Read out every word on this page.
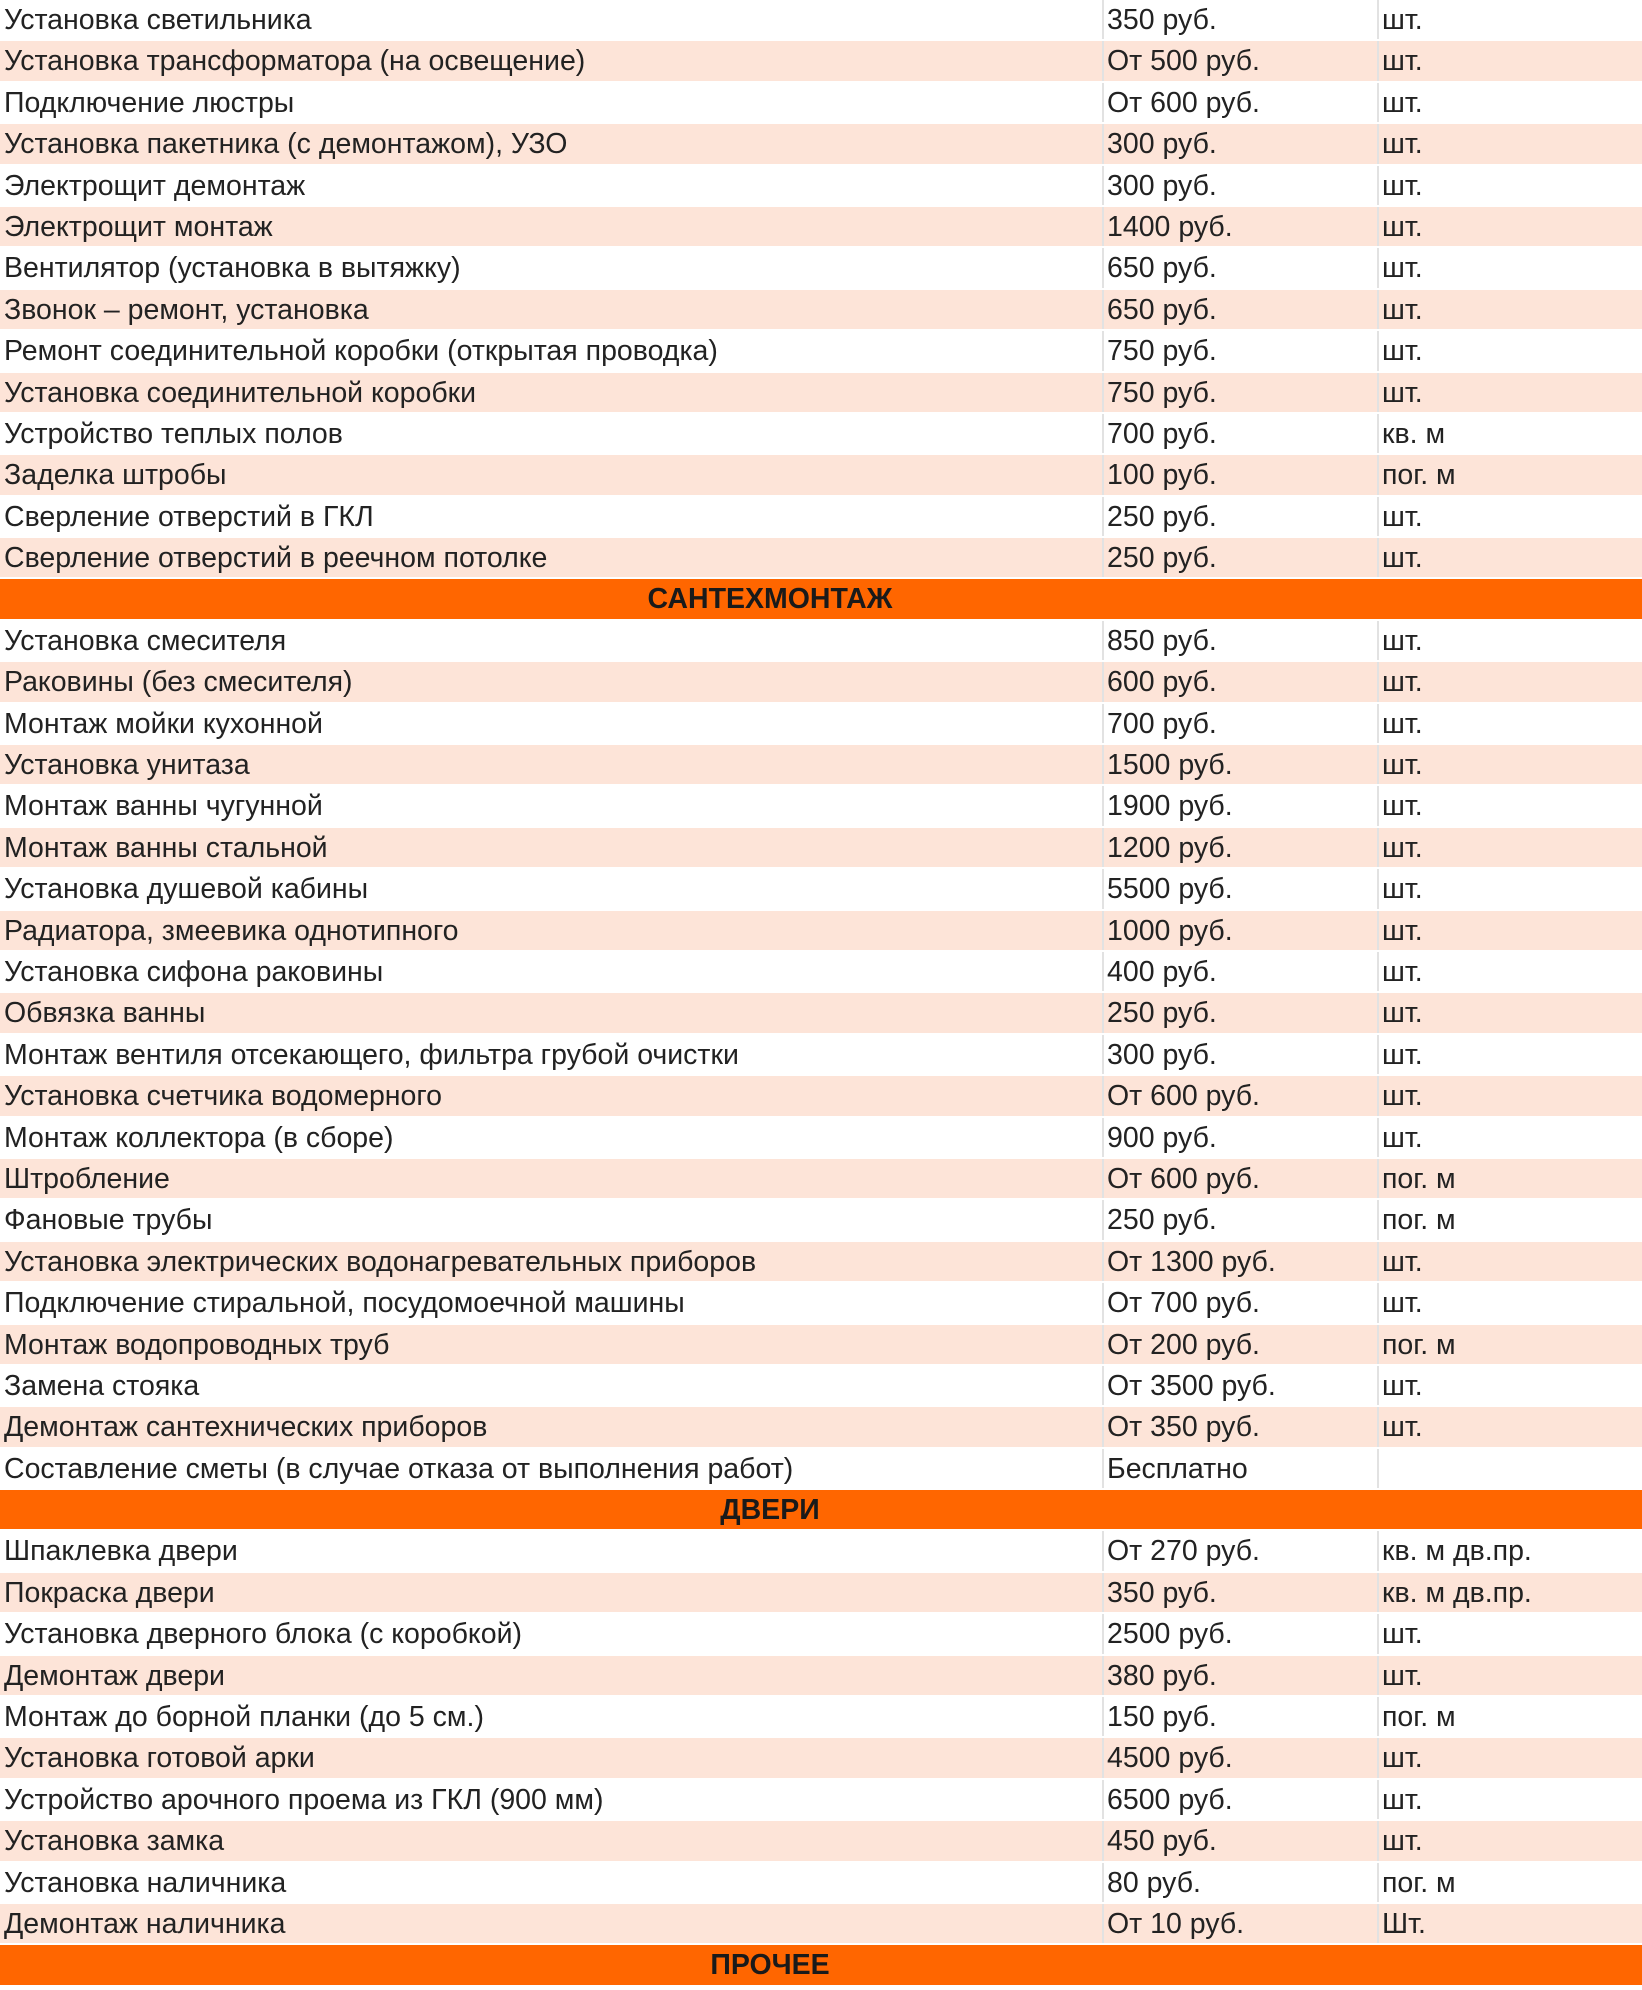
Установка светильника	350 руб.	шт.
Установка трансформатора (на освещение)	От 500 руб.	шт.
Подключение люстры	От 600 руб.	шт.
Установка пакетника (с демонтажом), УЗО	300 руб.	шт.
Электрощит демонтаж	300 руб.	шт.
Электрощит монтаж	1400 руб.	шт.
Вентилятор (установка в вытяжку)	650 руб.	шт.
Звонок – ремонт, установка	650 руб.	шт.
Ремонт соединительной коробки (открытая проводка)	750 руб.	шт.
Установка соединительной коробки	750 руб.	шт.
Устройство теплых полов	700 руб.	кв. м
Заделка штробы	100 руб.	пог. м
Сверление отверстий в ГКЛ	250 руб.	шт.
Сверление отверстий в реечном потолке	250 руб.	шт.
САНТЕХМОНТАЖ
Установка смесителя	850 руб.	шт.
Раковины (без смесителя)	600 руб.	шт.
Монтаж мойки кухонной	700 руб.	шт.
Установка унитаза	1500 руб.	шт.
Монтаж ванны чугунной	1900 руб.	шт.
Монтаж ванны стальной	1200 руб.	шт.
Установка душевой кабины	5500 руб.	шт.
Радиатора, змеевика однотипного	1000 руб.	шт.
Установка сифона раковины	400 руб.	шт.
Обвязка ванны	250 руб.	шт.
Монтаж вентиля отсекающего, фильтра грубой очистки	300 руб.	шт.
Установка счетчика водомерного	От 600 руб.	шт.
Монтаж коллектора (в сборе)	900 руб.	шт.
Штробление	От 600 руб.	пог. м
Фановые трубы	250 руб.	пог. м
Установка электрических водонагревательных приборов	От 1300 руб.	шт.
Подключение стиральной, посудомоечной машины	От 700 руб.	шт.
Монтаж водопроводных труб	От 200 руб.	пог. м
Замена стояка	От 3500 руб.	шт.
Демонтаж сантехнических приборов	От 350 руб.	шт.
Составление сметы (в случае отказа от выполнения работ)	Бесплатно
ДВЕРИ
Шпаклевка двери	От 270 руб.	кв. м дв.пр.
Покраска двери	350 руб.	кв. м дв.пр.
Установка дверного блока (с коробкой)	2500 руб.	шт.
Демонтаж двери	380 руб.	шт.
Монтаж до борной планки (до 5 см.)	150 руб.	пог. м
Установка готовой арки	4500 руб.	шт.
Устройство арочного проема из ГКЛ (900 мм)	6500 руб.	шт.
Установка замка	450 руб.	шт.
Установка наличника	80 руб.	пог. м
Демонтаж наличника	От 10 руб.	Шт.
ПРОЧЕЕ
